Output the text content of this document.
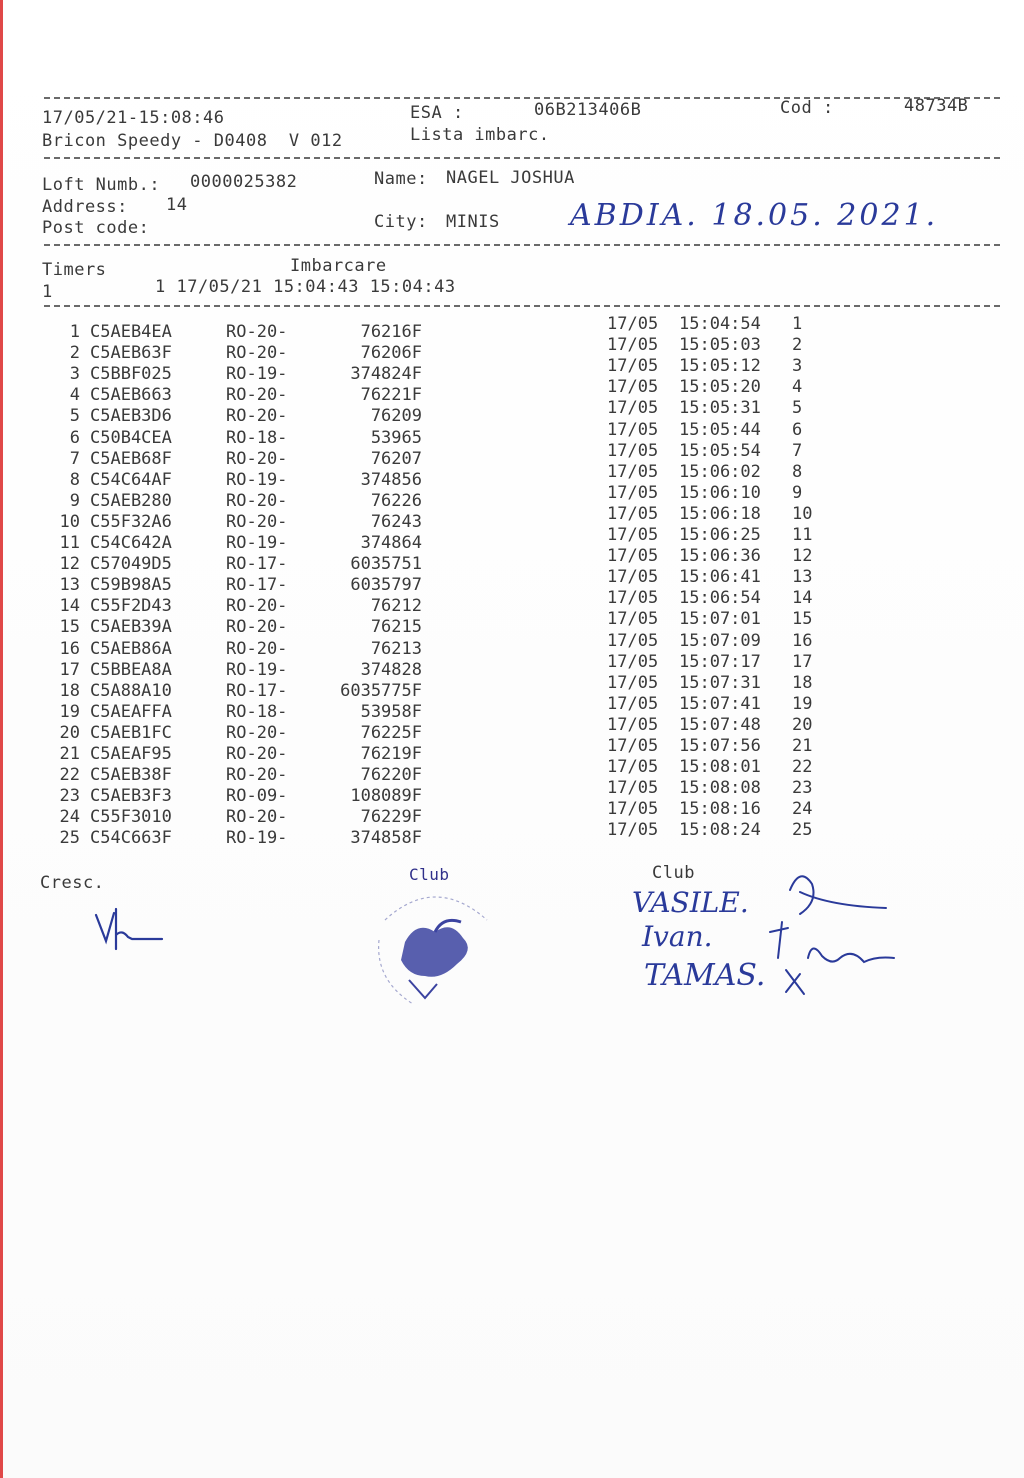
17/05/21-15:08:46
Bricon Speedy - D0408  V 012
ESA :	06B213406B
Lista imbarc.
Cod :	48734B
Loft Numb.: 0000025382	Name: NAGEL JOSHUA
Address: 14
Post code:	City: MINIS ABDIA. 18.05. 2021.
Timers	Imbarcare
1	1 17/05/21 15:04:43 15:04:43
1 C5AEB4EA	RO-20-	76216F	17/05 15:04:54 1
2 C5AEB63F	RO-20-	76206F	17/05 15:05:03 2
3 C5BBF025	RO-19-	374824F	17/05 15:05:12 3
4 C5AEB663	RO-20-	76221F	17/05 15:05:20 4
5 C5AEB3D6	RO-20-	76209	17/05 15:05:31 5
6 C50B4CEA	RO-18-	53965	17/05 15:05:44 6
7 C5AEB68F	RO-20-	76207	17/05 15:05:54 7
8 C54C64AF	RO-19-	374856	17/05 15:06:02 8
9 C5AEB280	RO-20-	76226	17/05 15:06:10 9
10 C55F32A6	RO-20-	76243	17/05 15:06:18 10
11 C54C642A	RO-19-	374864	17/05 15:06:25 11
12 C57049D5	RO-17-	6035751	17/05 15:06:36 12
13 C59B98A5	RO-17-	6035797	17/05 15:06:41 13
14 C55F2D43	RO-20-	76212	17/05 15:06:54 14
15 C5AEB39A	RO-20-	76215	17/05 15:07:01 15
16 C5AEB86A	RO-20-	76213	17/05 15:07:09 16
17 C5BBEA8A	RO-19-	374828	17/05 15:07:17 17
18 C5A88A10	RO-17-	6035775F	17/05 15:07:31 18
19 C5AEAFFA	RO-18-	53958F	17/05 15:07:41 19
20 C5AEB1FC	RO-20-	76225F	17/05 15:07:48 20
21 C5AEAF95	RO-20-	76219F	17/05 15:07:56 21
22 C5AEB38F	RO-20-	76220F	17/05 15:08:01 22
23 C5AEB3F3	RO-09-	108089F	17/05 15:08:08 23
24 C55F3010	RO-20-	76229F	17/05 15:08:16 24
25 C54C663F	RO-19-	374858F	17/05 15:08:24 25
Cresc.	Club	Club
VASILE.
Ivan.
TAMAS.
